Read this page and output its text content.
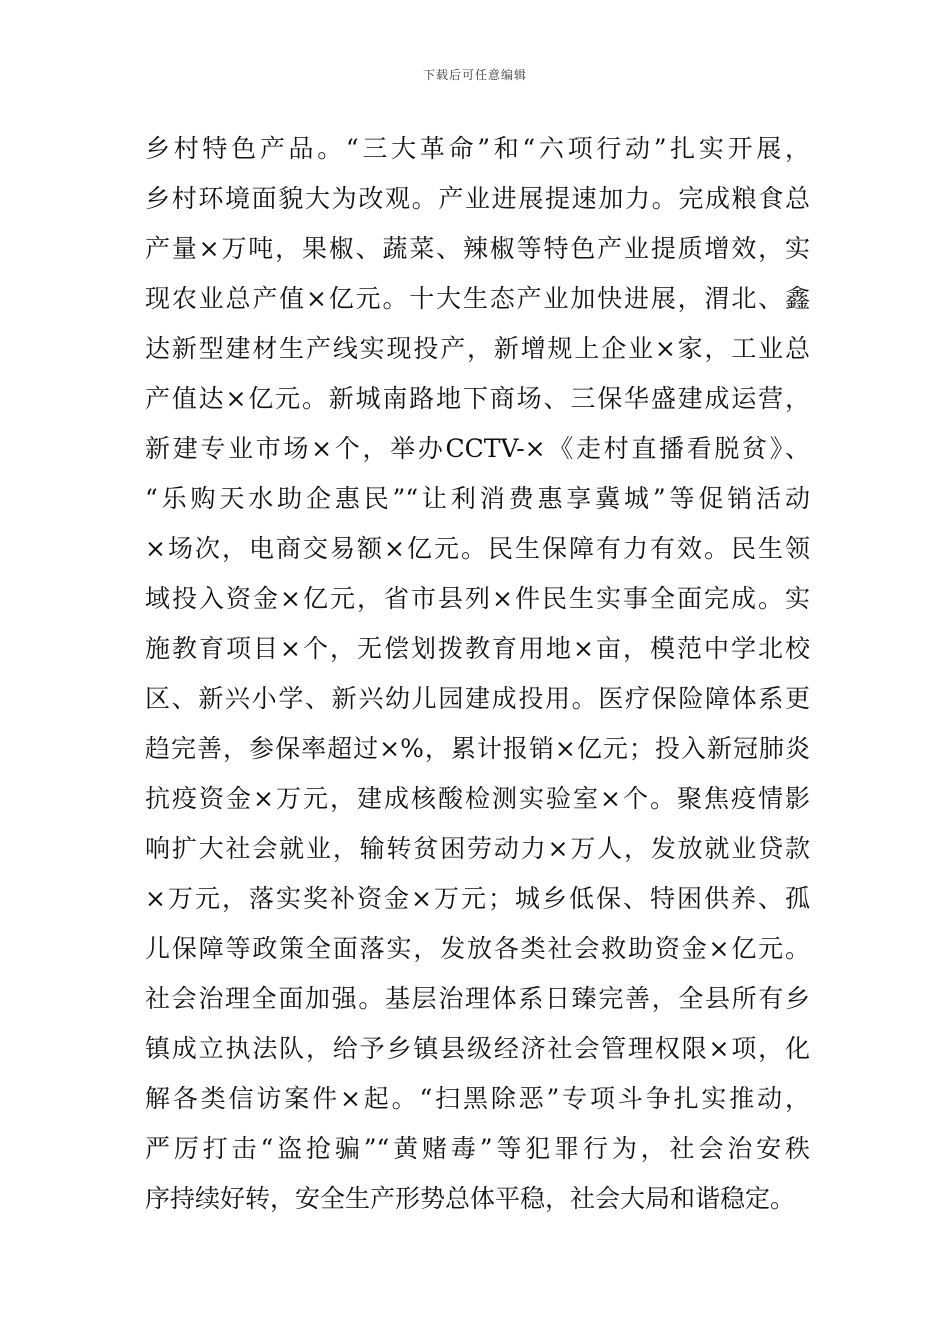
下载后可任意编辑
乡村特色产品。“三大革命”和“六项行动”扎实开展，
乡村环境面貌大为改观。产业进展提速加力。完成粮食总
产量×万吨，果椒、蔬菜、辣椒等特色产业提质增效，实
现农业总产值×亿元。十大生态产业加快进展，渭北、鑫
达新型建材生产线实现投产，新增规上企业×家，工业总
产值达×亿元。新城南路地下商场、三保华盛建成运营，
新建专业市场×个，举办CCTV-×《走村直播看脱贫》、
“乐购天水助企惠民”“让利消费惠享冀城”等促销活动
×场次，电商交易额×亿元。民生保障有力有效。民生领
域投入资金×亿元，省市县列×件民生实事全面完成。实
施教育项目×个，无偿划拨教育用地×亩，模范中学北校
区、新兴小学、新兴幼儿园建成投用。医疗保险障体系更
趋完善，参保率超过×%，累计报销×亿元；投入新冠肺炎
抗疫资金×万元，建成核酸检测实验室×个。聚焦疫情影
响扩大社会就业，输转贫困劳动力×万人，发放就业贷款
×万元，落实奖补资金×万元；城乡低保、特困供养、孤
儿保障等政策全面落实，发放各类社会救助资金×亿元。
社会治理全面加强。基层治理体系日臻完善，全县所有乡
镇成立执法队，给予乡镇县级经济社会管理权限×项，化
解各类信访案件×起。“扫黑除恶”专项斗争扎实推动，
严厉打击“盗抢骗”“黄赌毒”等犯罪行为，社会治安秩
序持续好转，安全生产形势总体平稳，社会大局和谐稳定。
